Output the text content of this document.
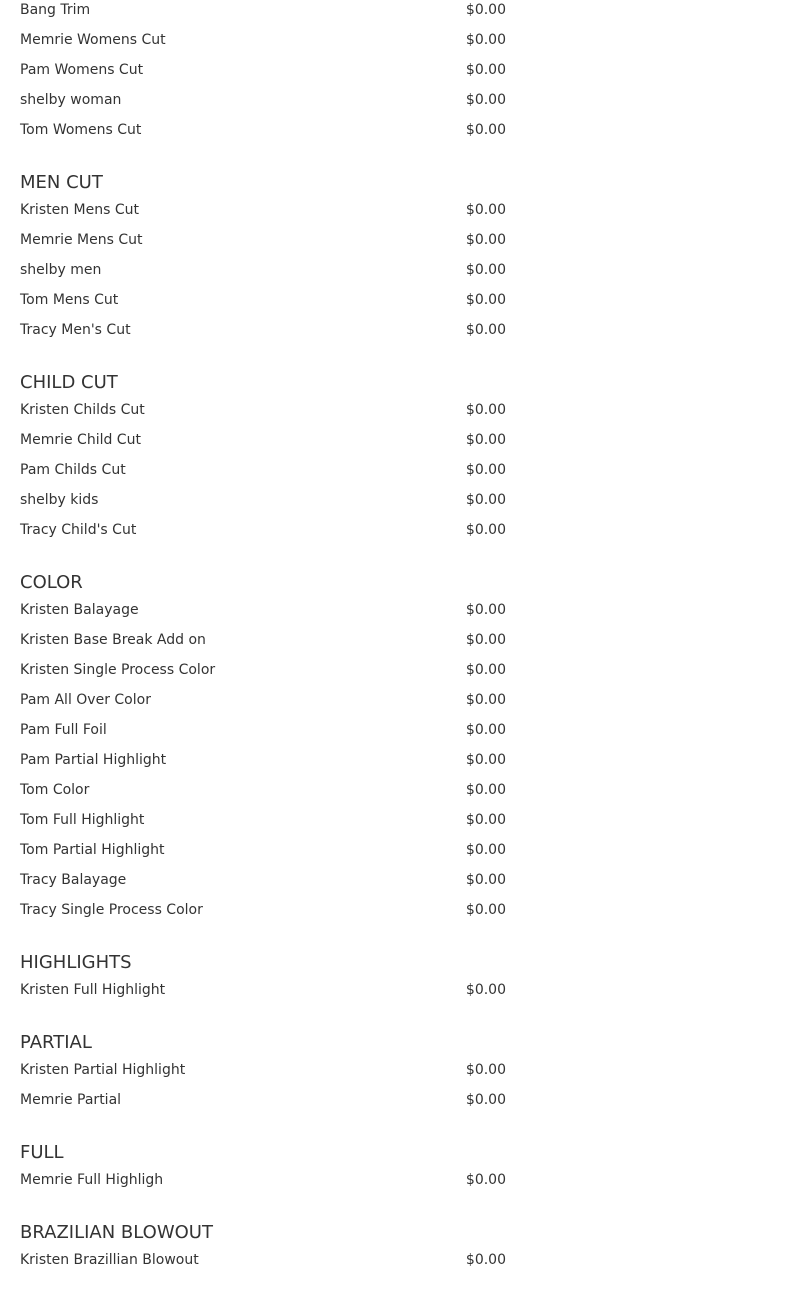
Bang Trim	$0.00
Memrie Womens Cut	$0.00
Pam Womens Cut	$0.00
shelby woman	$0.00
Tom Womens Cut	$0.00
MEN CUT
Kristen Mens Cut	$0.00
Memrie Mens Cut	$0.00
shelby men	$0.00
Tom Mens Cut	$0.00
Tracy Men's Cut	$0.00
CHILD CUT
Kristen Childs Cut	$0.00
Memrie Child Cut	$0.00
Pam Childs Cut	$0.00
shelby kids	$0.00
Tracy Child's Cut	$0.00
COLOR
Kristen Balayage	$0.00
Kristen Base Break Add on	$0.00
Kristen Single Process Color	$0.00
Pam All Over Color	$0.00
Pam Full Foil	$0.00
Pam Partial Highlight	$0.00
Tom Color	$0.00
Tom Full Highlight	$0.00
Tom Partial Highlight	$0.00
Tracy Balayage	$0.00
Tracy Single Process Color	$0.00
HIGHLIGHTS
Kristen Full Highlight	$0.00
PARTIAL
Kristen Partial Highlight	$0.00
Memrie Partial	$0.00
FULL
Memrie Full Highligh	$0.00
BRAZILIAN BLOWOUT
Kristen Brazillian Blowout	$0.00
